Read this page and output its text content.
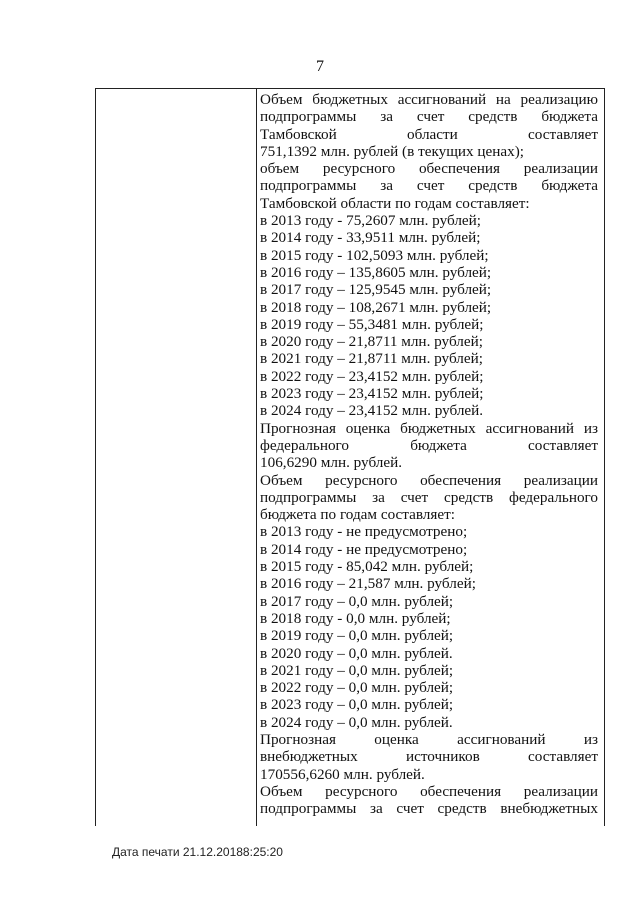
7
Объем бюджетных ассигнований на реализацию
подпрограммы за счет средств бюджета
Тамбовской	области	составляет
751,1392 млн. рублей (в текущих ценах);
объем ресурсного обеспечения реализации
подпрограммы за счет средств бюджета
Тамбовской области по годам составляет:
в 2013 году - 75,2607 млн. рублей;
в 2014 году - 33,9511 млн. рублей;
в 2015 году - 102,5093 млн. рублей;
в 2016 году – 135,8605 млн. рублей;
в 2017 году – 125,9545 млн. рублей;
в 2018 году – 108,2671 млн. рублей;
в 2019 году – 55,3481 млн. рублей;
в 2020 году – 21,8711 млн. рублей;
в 2021 году – 21,8711 млн. рублей;
в 2022 году – 23,4152 млн. рублей;
в 2023 году – 23,4152 млн. рублей;
в 2024 году – 23,4152 млн. рублей.
Прогнозная оценка бюджетных ассигнований из
федерального	бюджета	составляет
106,6290 млн. рублей.
Объем ресурсного обеспечения реализации
подпрограммы за счет средств федерального
бюджета по годам составляет:
в 2013 году - не предусмотрено;
в 2014 году - не предусмотрено;
в 2015 году - 85,042 млн. рублей;
в 2016 году – 21,587 млн. рублей;
в 2017 году – 0,0 млн. рублей;
в 2018 году - 0,0 млн. рублей;
в 2019 году – 0,0 млн. рублей;
в 2020 году – 0,0 млн. рублей.
в 2021 году – 0,0 млн. рублей;
в 2022 году – 0,0 млн. рублей;
в 2023 году – 0,0 млн. рублей;
в 2024 году – 0,0 млн. рублей.
Прогнозная	оценка	ассигнований	из
внебюджетных	источников	составляет
170556,6260 млн. рублей.
Объем ресурсного обеспечения реализации
подпрограммы за счет средств внебюджетных
Дата печати 21.12.20188:25:20
